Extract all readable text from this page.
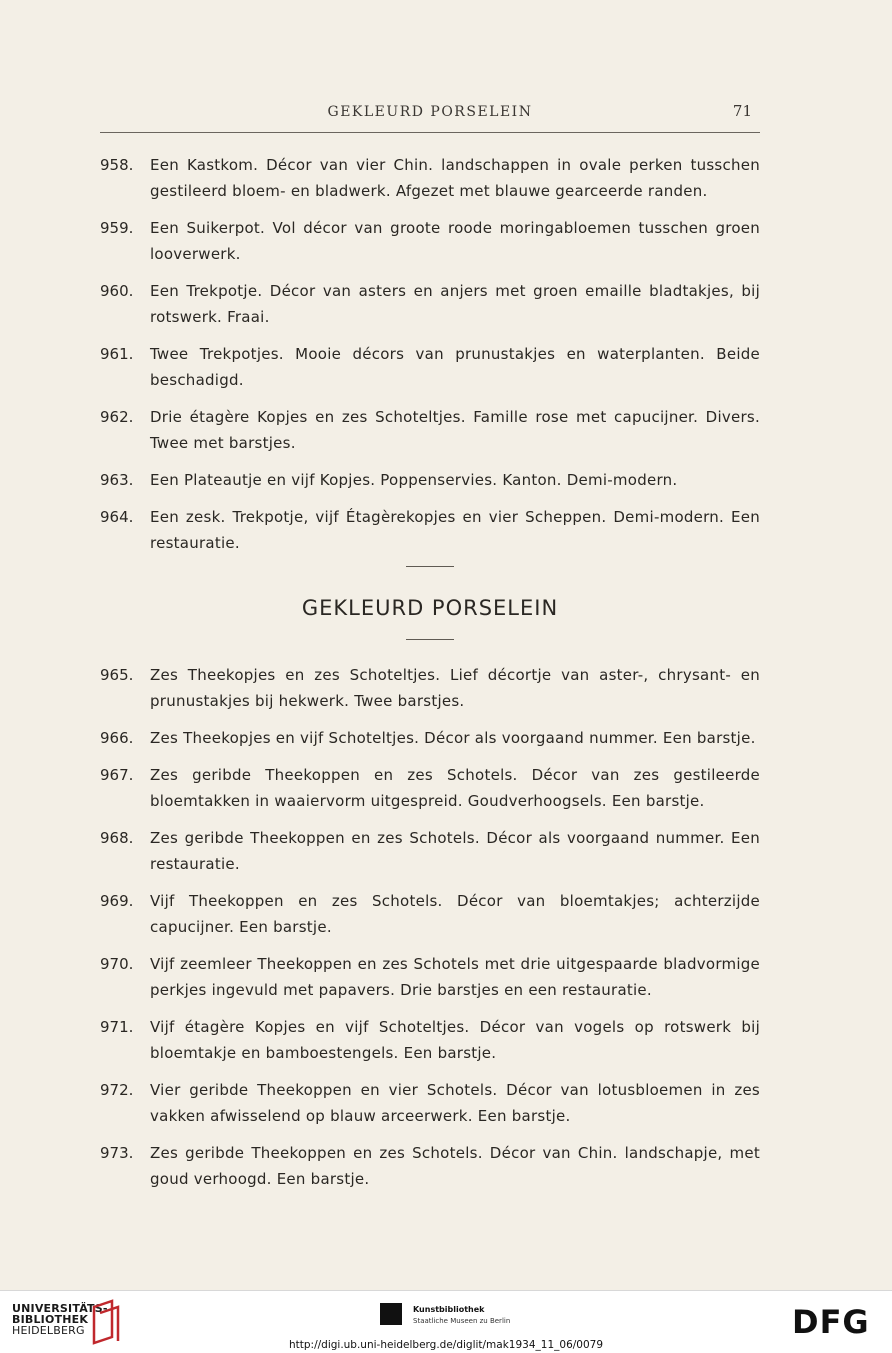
GEKLEURD PORSELEIN	71
958.	Een Kastkom. Décor van vier Chin. landschappen in ovale perken tusschen gestileerd bloem- en bladwerk. Afgezet met blauwe gearceerde randen.
959.	Een Suikerpot. Vol décor van groote roode moringabloemen tusschen groen looverwerk.
960.	Een Trekpotje. Décor van asters en anjers met groen emaille bladtakjes, bij rotswerk. Fraai.
961.	Twee Trekpotjes. Mooie décors van prunustakjes en waterplanten. Beide beschadigd.
962.	Drie étagère Kopjes en zes Schoteltjes. Famille rose met capucijner. Divers. Twee met barstjes.
963.	Een Plateautje en vijf Kopjes. Poppenservies. Kanton. Demi-modern.
964.	Een zesk. Trekpotje, vijf Étagèrekopjes en vier Scheppen. Demi-modern. Een restauratie.
GEKLEURD PORSELEIN
965.	Zes Theekopjes en zes Schoteltjes. Lief décortje van aster-, chrysant- en prunustakjes bij hekwerk. Twee barstjes.
966.	Zes Theekopjes en vijf Schoteltjes. Décor als voorgaand nummer. Een barstje.
967.	Zes geribde Theekoppen en zes Schotels. Décor van zes gestileerde bloemtakken in waaiervorm uitgespreid. Goudverhoogsels. Een barstje.
968.	Zes geribde Theekoppen en zes Schotels. Décor als voorgaand nummer. Een restauratie.
969.	Vijf Theekoppen en zes Schotels. Décor van bloemtakjes; achterzijde capucijner. Een barstje.
970.	Vijf zeemleer Theekoppen en zes Schotels met drie uitgespaarde bladvormige perkjes ingevuld met papavers. Drie barstjes en een restauratie.
971.	Vijf étagère Kopjes en vijf Schoteltjes. Décor van vogels op rotswerk bij bloemtakje en bamboestengels. Een barstje.
972.	Vier geribde Theekoppen en vier Schotels. Décor van lotusbloemen in zes vakken afwisselend op blauw arceerwerk. Een barstje.
973.	Zes geribde Theekoppen en zes Schotels. Décor van Chin. landschapje, met goud verhoogd. Een barstje.
UNIVERSITÄTS-
BIBLIOTHEK
HEIDELBERG
Kunstbibliothek
Staatliche Museen zu Berlin	DFG
http://digi.ub.uni-heidelberg.de/diglit/mak1934_11_06/0079
